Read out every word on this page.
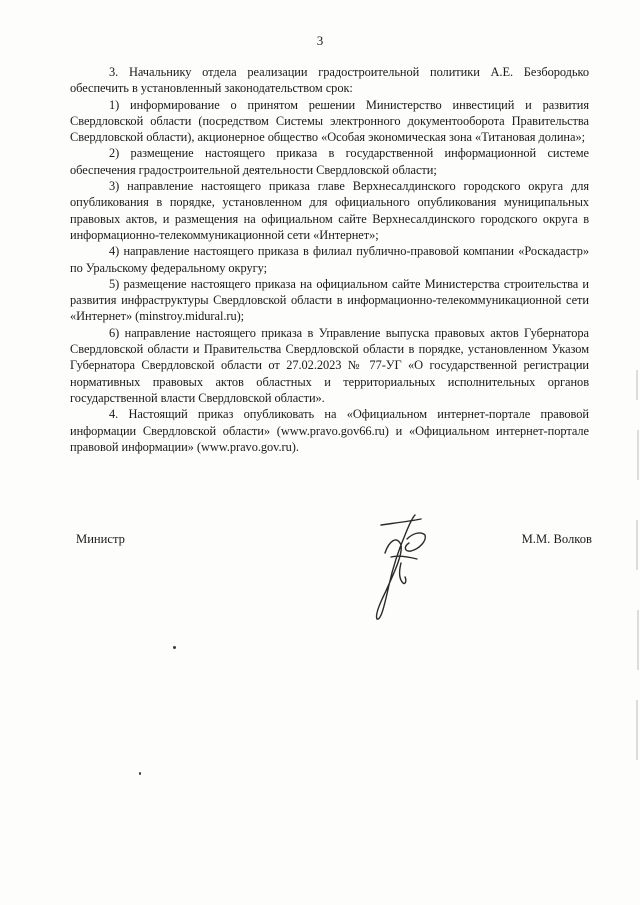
3

3. Начальнику отдела реализации градостроительной политики А.Е. Безбородько обеспечить в установленный законодательством срок:

1) информирование о принятом решении Министерство инвестиций и развития Свердловской области (посредством Системы электронного документооборота Правительства Свердловской области), акционерное общество «Особая экономическая зона «Титановая долина»;

2) размещение настоящего приказа в государственной информационной системе обеспечения градостроительной деятельности Свердловской области;

3) направление настоящего приказа главе Верхнесалдинского городского округа для опубликования в порядке, установленном для официального опубликования муниципальных правовых актов, и размещения на официальном сайте Верхнесалдинского городского округа в информационно-телекоммуникационной сети «Интернет»;

4) направление настоящего приказа в филиал публично-правовой компании «Роскадастр» по Уральскому федеральному округу;

5) размещение настоящего приказа на официальном сайте Министерства строительства и развития инфраструктуры Свердловской области в информационно-телекоммуникационной сети «Интернет» (minstroy.midural.ru);

6) направление настоящего приказа в Управление выпуска правовых актов Губернатора Свердловской области и Правительства Свердловской области в порядке, установленном Указом Губернатора Свердловской области от 27.02.2023 № 77-УГ «О государственной регистрации нормативных правовых актов областных и территориальных исполнительных органов государственной власти Свердловской области».

4. Настоящий приказ опубликовать на «Официальном интернет-портале правовой информации Свердловской области» (www.pravo.gov66.ru) и «Официальном интернет-портале правовой информации» (www.pravo.gov.ru).

Министр	М.М. Волков
